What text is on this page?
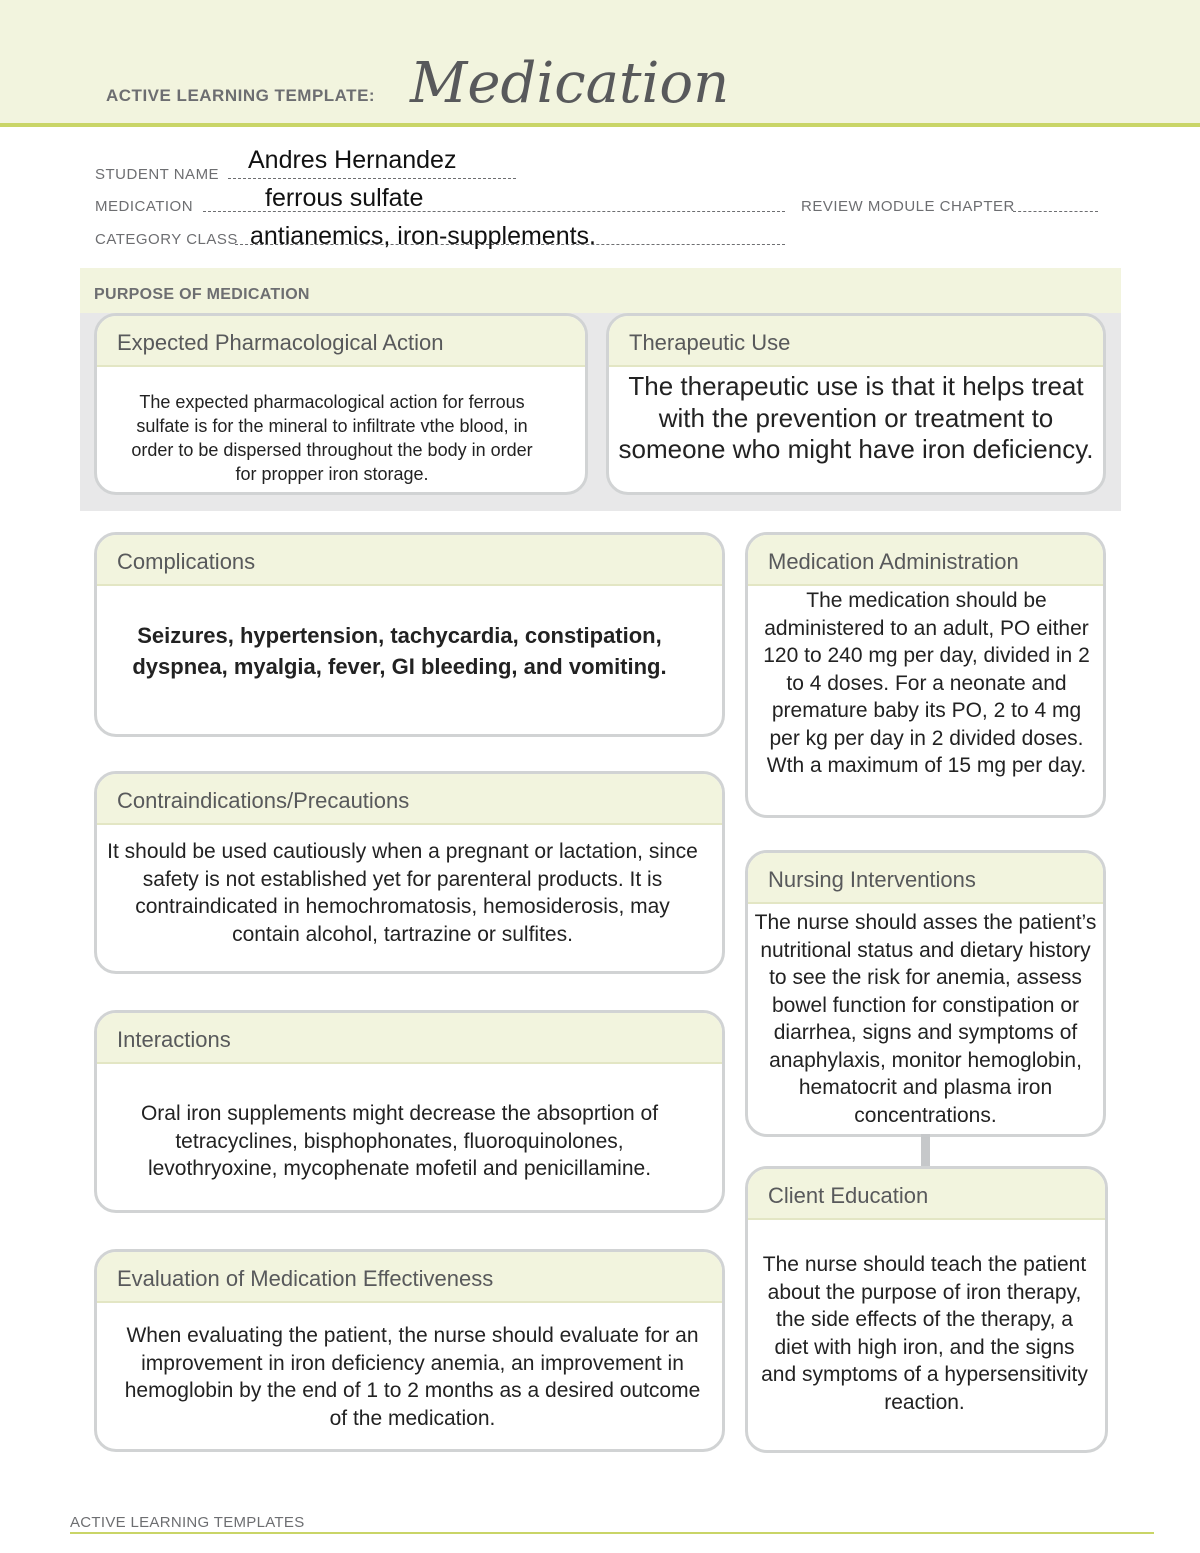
ACTIVE LEARNING TEMPLATE: Medication
STUDENT NAME
Andres Hernandez
MEDICATION	ferrous sulfate	REVIEW MODULE CHAPTER
CATEGORY CLASS antianemics, iron-supplements.
PURPOSE OF MEDICATION
Expected Pharmacological Action
The expected pharmacological action for ferrous sulfate is for the mineral to infiltrate vthe blood, in order to be dispersed throughout the body in order for propper iron storage.
Therapeutic Use
The therapeutic use is that it helps treat with the prevention or treatment to someone who might have iron deficiency.
Complications
Seizures, hypertension, tachycardia, constipation, dyspnea, myalgia, fever, GI bleeding, and vomiting.
Contraindications/Precautions
It should be used cautiously when a pregnant or lactation, since safety is not established yet for parenteral products. It is contraindicated in hemochromatosis, hemosiderosis, may contain alcohol, tartrazine or sulfites.
Interactions
Oral iron supplements might decrease the absoprtion of tetracyclines, bisphophonates, fluoroquinolones, levothryoxine, mycophenate mofetil and penicillamine.
Evaluation of Medication Effectiveness
When evaluating the patient, the nurse should evaluate for an improvement in iron deficiency anemia, an improvement in hemoglobin by the end of 1 to 2 months as a desired outcome of the medication.
Medication Administration
The medication should be administered to an adult, PO either 120 to 240 mg per day, divided in 2 to 4 doses. For a neonate and premature baby its PO, 2 to 4 mg per kg per day in 2 divided doses. Wth a maximum of 15 mg per day.
Nursing Interventions
The nurse should asses the patient’s nutritional status and dietary history to see the risk for anemia, assess bowel function for constipation or diarrhea, signs and symptoms of anaphylaxis, monitor hemoglobin, hematocrit and plasma iron concentrations.
Client Education
The nurse should teach the patient about the purpose of iron therapy, the side effects of the therapy, a diet with high iron, and the signs and symptoms of a hypersensitivity reaction.
ACTIVE LEARNING TEMPLATES
